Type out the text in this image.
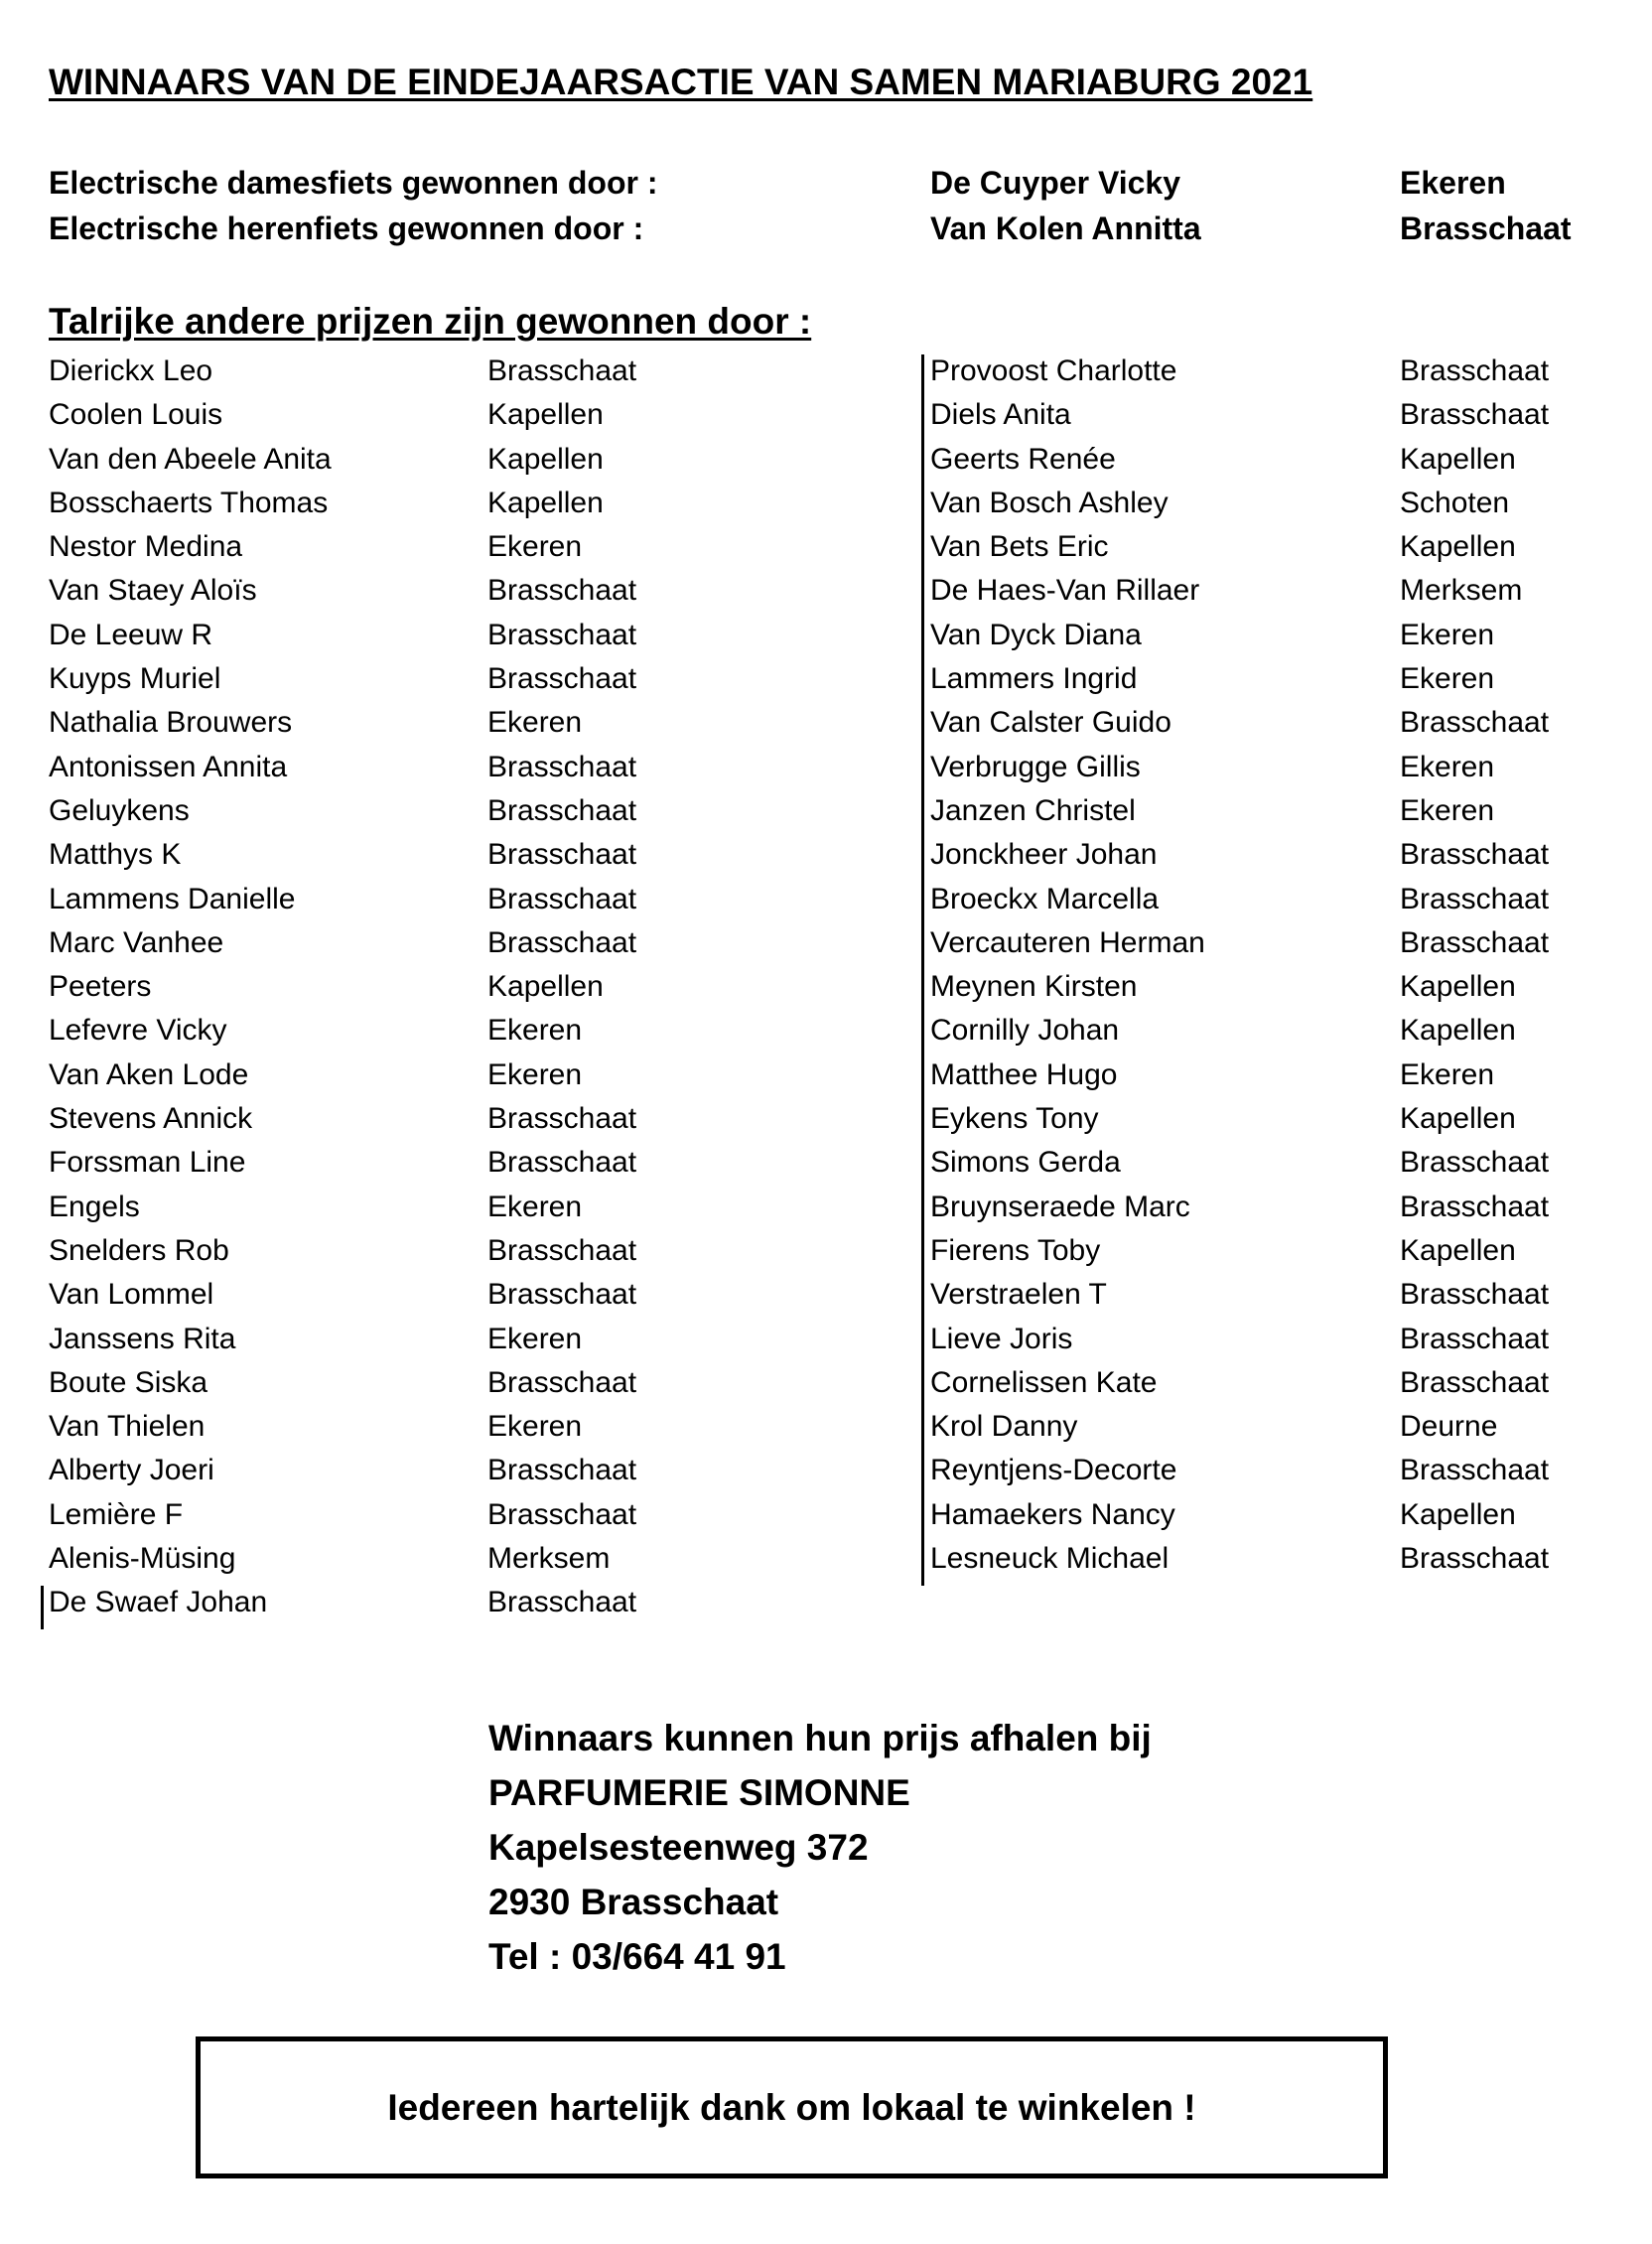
WINNAARS VAN DE EINDEJAARSACTIE VAN SAMEN MARIABURG 2021
Electrische damesfiets gewonnen door :	De Cuyper Vicky	Ekeren
Electrische herenfiets gewonnen door :	Van Kolen Annitta	Brasschaat
Talrijke andere prijzen zijn gewonnen door :
Dierickx Leo	Brasschaat
Coolen Louis	Kapellen
Van den Abeele Anita	Kapellen
Bosschaerts Thomas	Kapellen
Nestor Medina	Ekeren
Van Staey Aloïs	Brasschaat
De Leeuw R	Brasschaat
Kuyps Muriel	Brasschaat
Nathalia Brouwers	Ekeren
Antonissen Annita	Brasschaat
Geluykens	Brasschaat
Matthys K	Brasschaat
Lammens Danielle	Brasschaat
Marc Vanhee	Brasschaat
Peeters	Kapellen
Lefevre Vicky	Ekeren
Van Aken Lode	Ekeren
Stevens Annick	Brasschaat
Forssman Line	Brasschaat
Engels	Ekeren
Snelders Rob	Brasschaat
Van Lommel	Brasschaat
Janssens Rita	Ekeren
Boute Siska	Brasschaat
Van Thielen	Ekeren
Alberty Joeri	Brasschaat
Lemière F	Brasschaat
Alenis-Müsing	Merksem
De Swaef Johan	Brasschaat
Provoost Charlotte	Brasschaat
Diels Anita	Brasschaat
Geerts Renée	Kapellen
Van Bosch Ashley	Schoten
Van Bets Eric	Kapellen
De Haes-Van Rillaer	Merksem
Van Dyck Diana	Ekeren
Lammers Ingrid	Ekeren
Van Calster Guido	Brasschaat
Verbrugge Gillis	Ekeren
Janzen Christel	Ekeren
Jonckheer Johan	Brasschaat
Broeckx Marcella	Brasschaat
Vercauteren Herman	Brasschaat
Meynen Kirsten	Kapellen
Cornilly Johan	Kapellen
Matthee Hugo	Ekeren
Eykens Tony	Kapellen
Simons Gerda	Brasschaat
Bruynseraede Marc	Brasschaat
Fierens Toby	Kapellen
Verstraelen T	Brasschaat
Lieve Joris	Brasschaat
Cornelissen Kate	Brasschaat
Krol Danny	Deurne
Reyntjens-Decorte	Brasschaat
Hamaekers Nancy	Kapellen
Lesneuck Michael	Brasschaat
Winnaars kunnen hun prijs afhalen bij
PARFUMERIE SIMONNE
Kapelsesteenweg 372
2930 Brasschaat
Tel : 03/664 41 91
Iedereen hartelijk dank om lokaal te winkelen !
